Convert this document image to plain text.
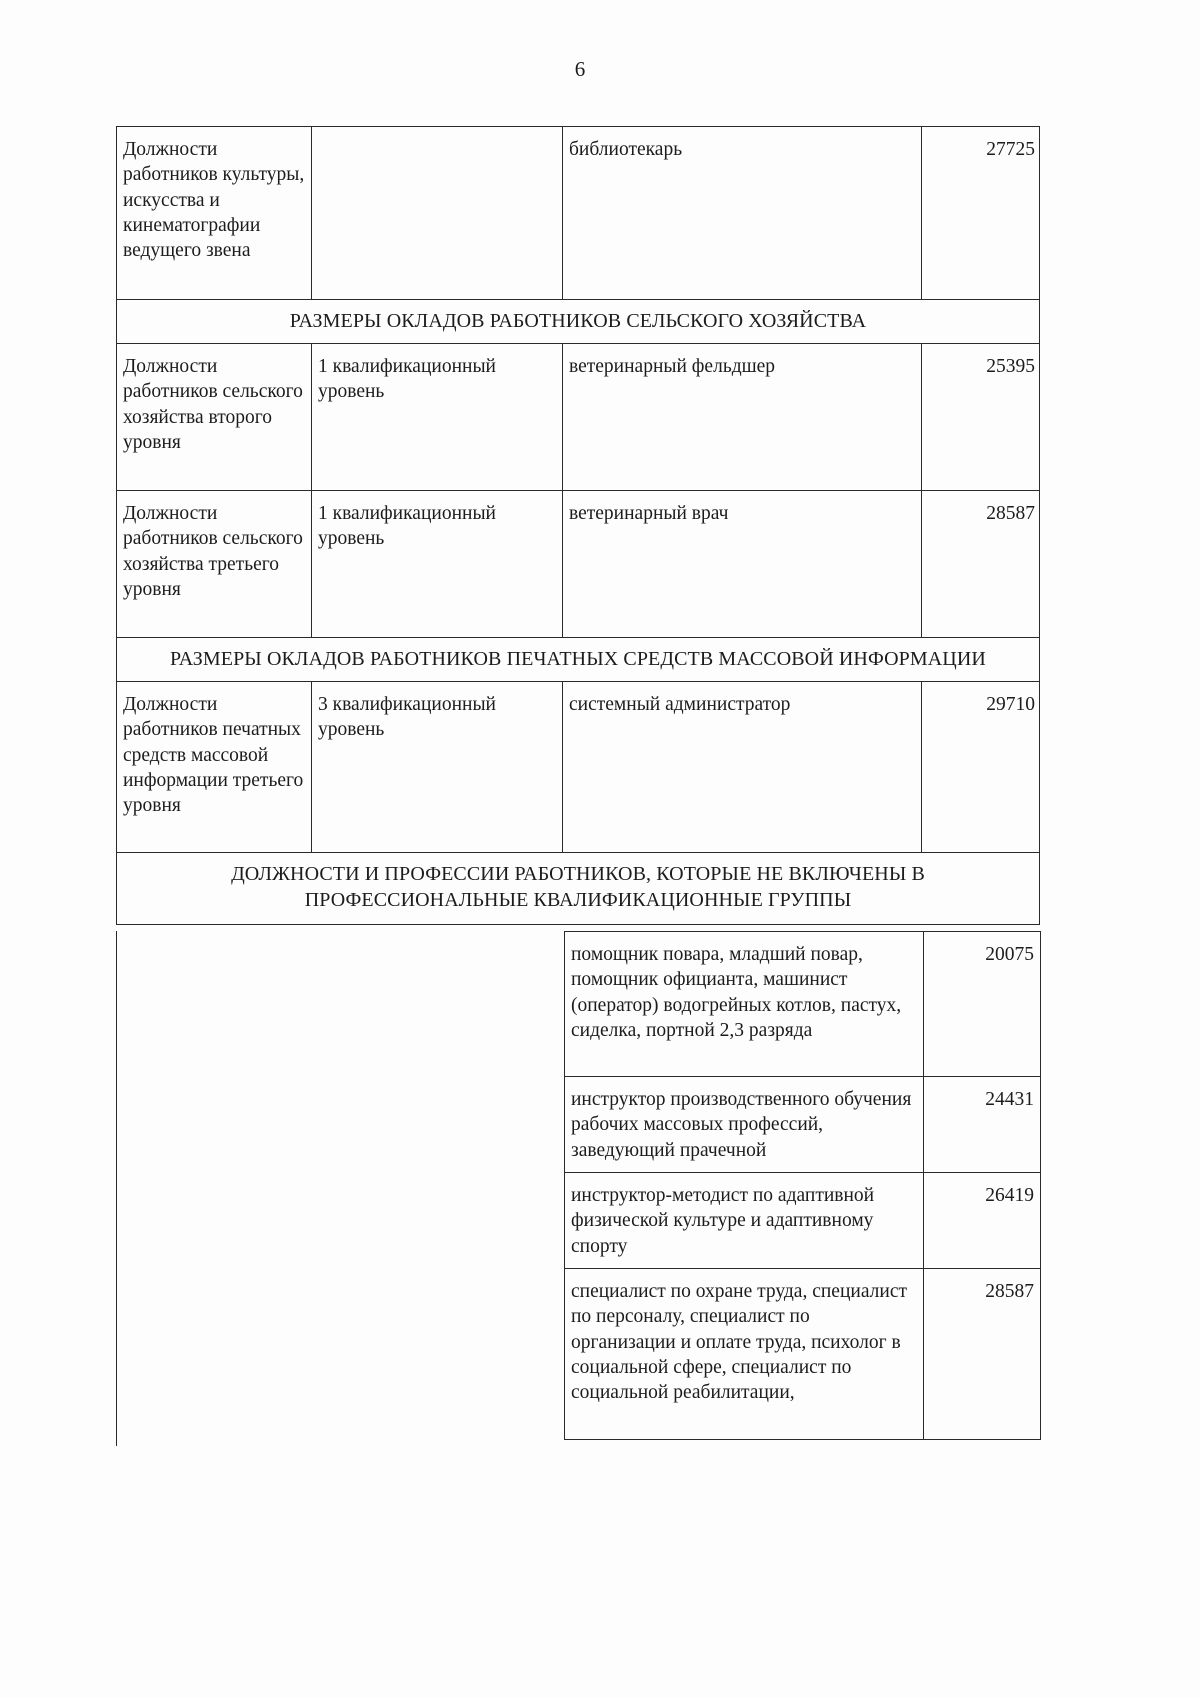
6
Должности работников культуры, искусства и кинематографии ведущего звена		библиотекарь	27725
РАЗМЕРЫ ОКЛАДОВ РАБОТНИКОВ СЕЛЬСКОГО ХОЗЯЙСТВА			
Должности работников сельского хозяйства второго уровня	1 квалификационный уровень	ветеринарный фельдшер	25395
Должности работников сельского хозяйства третьего уровня	1 квалификационный уровень	ветеринарный врач	28587
РАЗМЕРЫ ОКЛАДОВ РАБОТНИКОВ ПЕЧАТНЫХ СРЕДСТВ МАССОВОЙ ИНФОРМАЦИИ			
Должности работников печатных средств массовой информации третьего уровня	3 квалификационный уровень	системный администратор	29710

ДОЛЖНОСТИ И ПРОФЕССИИ РАБОТНИКОВ, КОТОРЫЕ НЕ ВКЛЮЧЕНЫ В
ПРОФЕССИОНАЛЬНЫЕ КВАЛИФИКАЦИОННЫЕ ГРУППЫ			
помощник повара, младший повар, помощник официанта, машинист (оператор) водогрейных котлов, пастух, сиделка, портной 2,3 разряда	20075
инструктор производственного обучения рабочих массовых профессий, заведующий прачечной	24431
инструктор-методист по адаптивной физической культуре и адаптивному спорту	26419
специалист по охране труда, специалист по персоналу, специалист по организации и оплате труда, психолог в социальной сфере, специалист по социальной реабилитации,	28587
